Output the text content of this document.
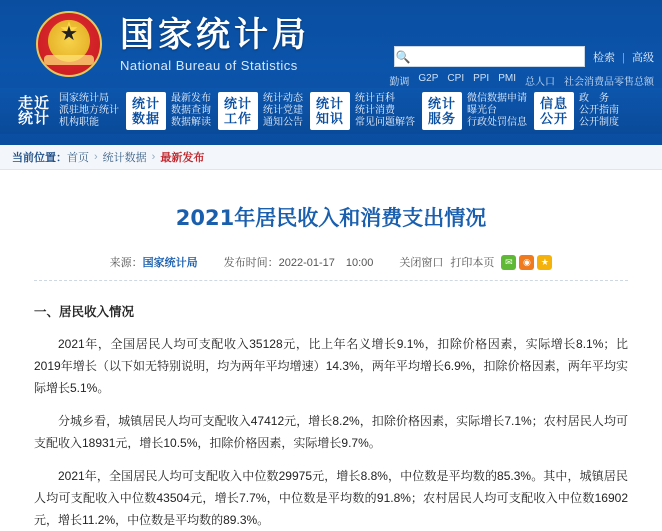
★
★	国家统计局
National Bureau of Statistics
🔍	检索 | 高级
勤调 G2P CPI PPI PMI 总人口 社会消费品零售总额
走近
统计
国家统计局
派驻地方统计
机构职能
统计
数据
最新发布
数据查询
数据解读
统计
工作
统计动态
统计党建
通知公告
统计
知识
统计百科
统计消费
常见问题解答
统计
服务
微信数据申请
曝光台
行政处罚信息
信息
公开
政　务
公开指南
公开制度
当前位置： 首页 › 统计数据 › 最新发布
2021年居民收入和消费支出情况
来源：国家统计局 发布时间：2022-01-17　10:00 关闭窗口 打印本页	✉	◉	★
一、居民收入情况

2021年，全国居民人均可支配收入35128元，比上年名义增长9.1%，扣除价格因素，实际增长8.1%；比2019年增长（以下如无特别说明，均为两年平均增速）14.3%，两年平均增长6.9%，扣除价格因素，两年平均实际增长5.1%。

分城乡看，城镇居民人均可支配收入47412元，增长8.2%，扣除价格因素，实际增长7.1%；农村居民人均可支配收入18931元，增长10.5%，扣除价格因素，实际增长9.7%。

2021年，全国居民人均可支配收入中位数29975元，增长8.8%，中位数是平均数的85.3%。其中，城镇居民人均可支配收入中位数43504元，增长7.7%，中位数是平均数的91.8%；农村居民人均可支配收入中位数16902元，增长11.2%，中位数是平均数的89.3%。
